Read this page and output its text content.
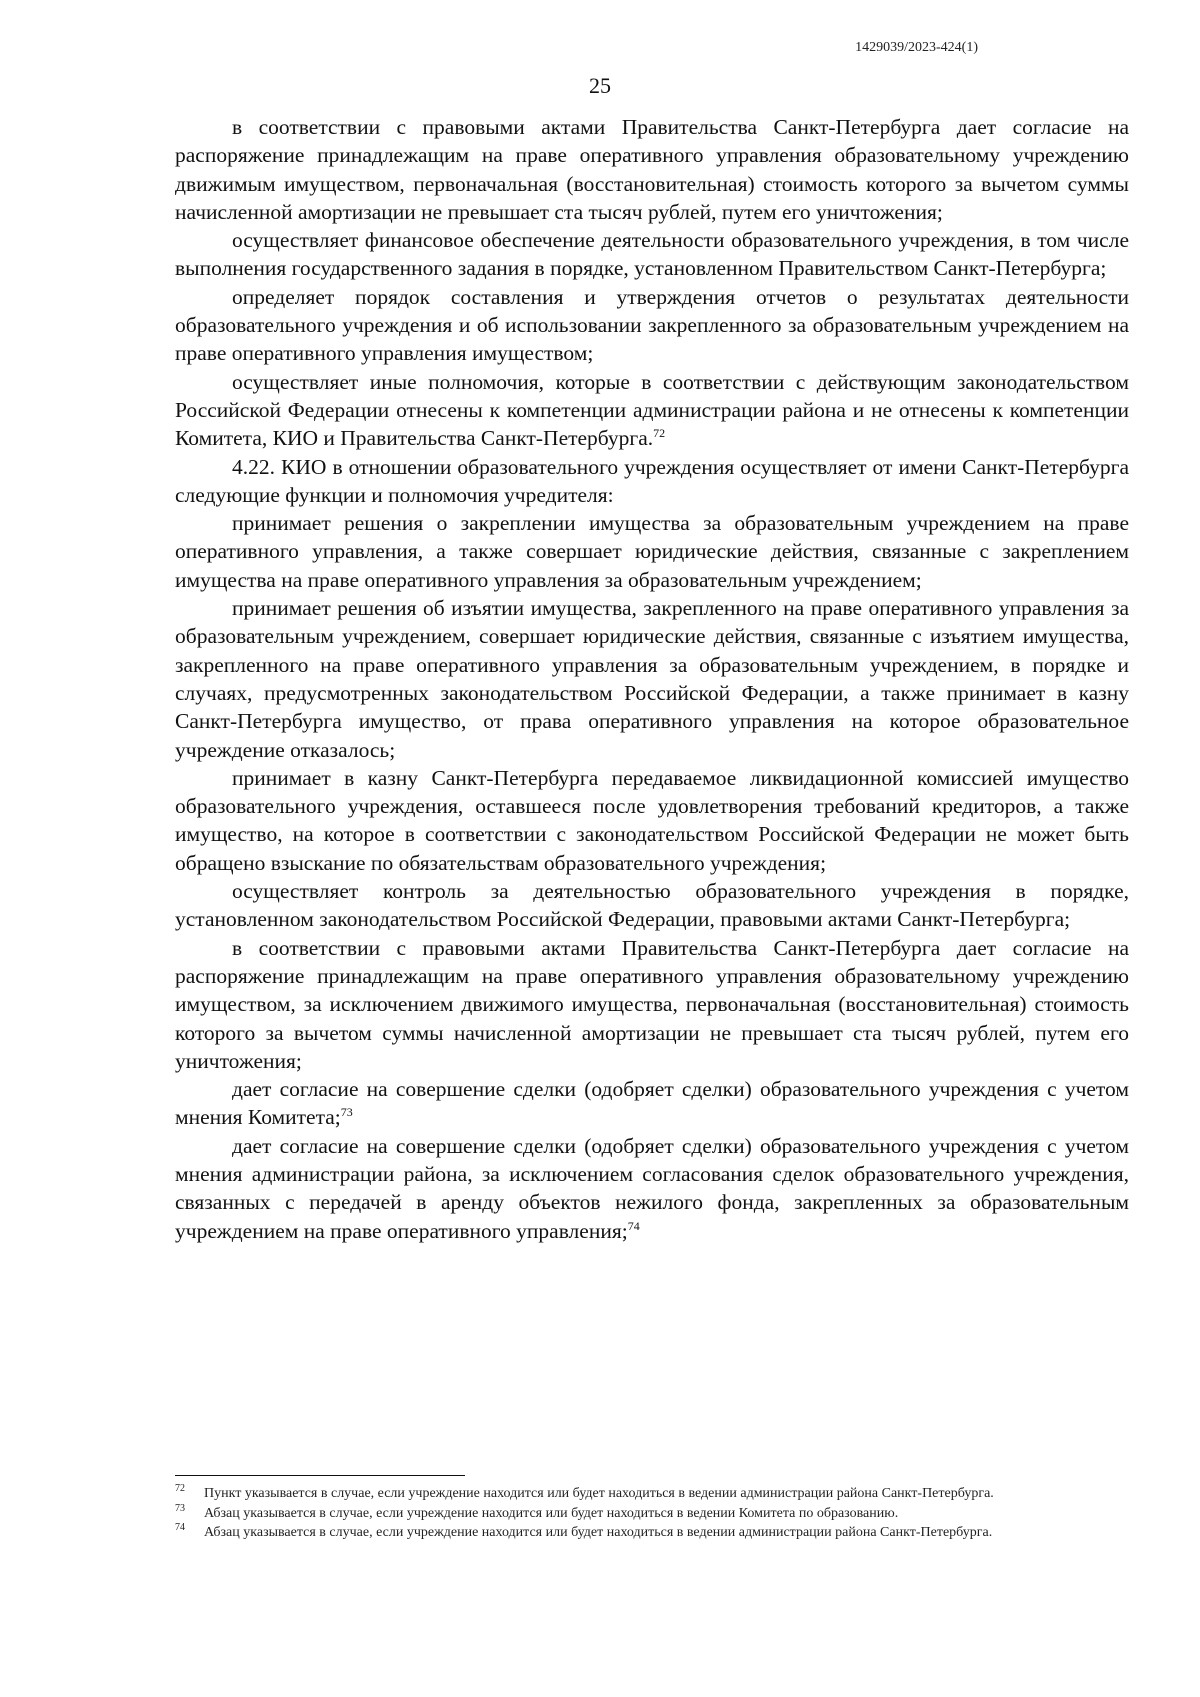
1429039/2023-424(1)
25

в соответствии с правовыми актами Правительства Санкт-Петербурга дает согласие на распоряжение принадлежащим на праве оперативного управления образовательному учреждению движимым имуществом, первоначальная (восстановительная) стоимость которого за вычетом суммы начисленной амортизации не превышает ста тысяч рублей, путем его уничтожения;

осуществляет финансовое обеспечение деятельности образовательного учреждения, в том числе выполнения государственного задания в порядке, установленном Правительством Санкт-Петербурга;

определяет порядок составления и утверждения отчетов о результатах деятельности образовательного учреждения и об использовании закрепленного за образовательным учреждением на праве оперативного управления имуществом;

осуществляет иные полномочия, которые в соответствии с действующим законодательством Российской Федерации отнесены к компетенции администрации района и не отнесены к компетенции Комитета, КИО и Правительства Санкт-Петербурга.$^{72}$

4.22. КИО в отношении образовательного учреждения осуществляет от имени Санкт-Петербурга следующие функции и полномочия учредителя:

принимает решения о закреплении имущества за образовательным учреждением на праве оперативного управления, а также совершает юридические действия, связанные с закреплением имущества на праве оперативного управления за образовательным учреждением;

принимает решения об изъятии имущества, закрепленного на праве оперативного управления за образовательным учреждением, совершает юридические действия, связанные с изъятием имущества, закрепленного на праве оперативного управления за образовательным учреждением, в порядке и случаях, предусмотренных законодательством Российской Федерации, а также принимает в казну Санкт-Петербурга имущество, от права оперативного управления на которое образовательное учреждение отказалось;

принимает в казну Санкт-Петербурга передаваемое ликвидационной комиссией имущество образовательного учреждения, оставшееся после удовлетворения требований кредиторов, а также имущество, на которое в соответствии с законодательством Российской Федерации не может быть обращено взыскание по обязательствам образовательного учреждения;

осуществляет контроль за деятельностью образовательного учреждения в порядке, установленном законодательством Российской Федерации, правовыми актами Санкт-Петербурга;

в соответствии с правовыми актами Правительства Санкт-Петербурга дает согласие на распоряжение принадлежащим на праве оперативного управления образовательному учреждению имуществом, за исключением движимого имущества, первоначальная (восстановительная) стоимость которого за вычетом суммы начисленной амортизации не превышает ста тысяч рублей, путем его уничтожения;

дает согласие на совершение сделки (одобряет сделки) образовательного учреждения с учетом мнения Комитета;$^{73}$

дает согласие на совершение сделки (одобряет сделки) образовательного учреждения с учетом мнения администрации района, за исключением согласования сделок образовательного учреждения, связанных с передачей в аренду объектов нежилого фонда, закрепленных за образовательным учреждением на праве оперативного управления;$^{74}$

$^{72}$ Пункт указывается в случае, если учреждение находится или будет находиться в ведении администрации района Санкт-Петербурга.

$^{73}$ Абзац указывается в случае, если учреждение находится или будет находиться в ведении Комитета по образованию.

$^{74}$ Абзац указывается в случае, если учреждение находится или будет находиться в ведении администрации района Санкт-Петербурга.
